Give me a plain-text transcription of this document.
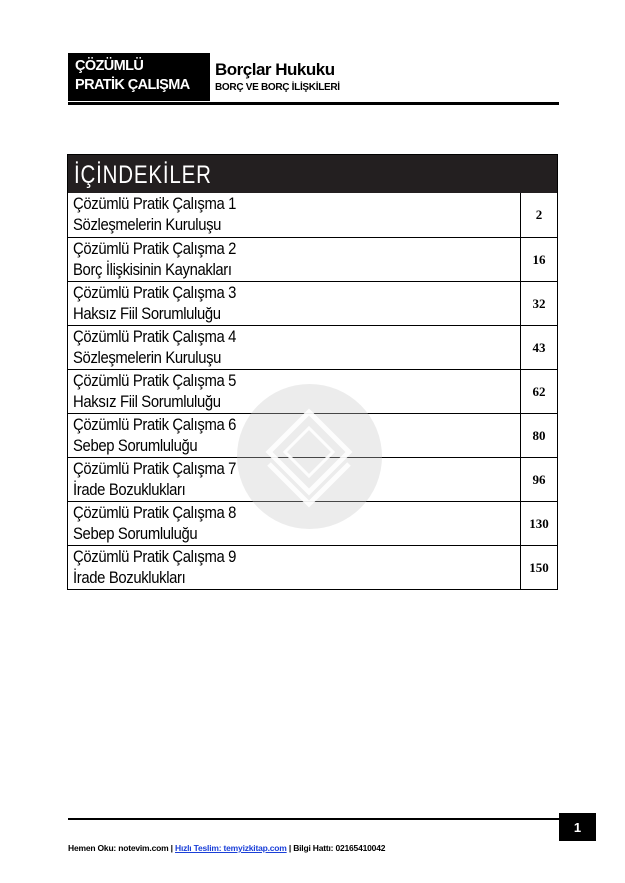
ÇÖZÜMLÜ
PRATİK ÇALIŞMA
Borçlar Hukuku
BORÇ VE BORÇ İLİŞKİLERİ
İÇİNDEKİLER
Çözümlü Pratik Çalışma 1
Sözleşmelerin Kuruluşu
2
Çözümlü Pratik Çalışma 2
Borç İlişkisinin Kaynakları
16
Çözümlü Pratik Çalışma 3
Haksız Fiil Sorumluluğu
32
Çözümlü Pratik Çalışma 4
Sözleşmelerin Kuruluşu
43
Çözümlü Pratik Çalışma 5
Haksız Fiil Sorumluluğu
62
Çözümlü Pratik Çalışma 6
Sebep Sorumluluğu
80
Çözümlü Pratik Çalışma 7
İrade Bozuklukları
96
Çözümlü Pratik Çalışma 8
Sebep Sorumluluğu
130
Çözümlü Pratik Çalışma 9
İrade Bozuklukları
150
1
Hemen Oku: notevim.com | Hızlı Teslim: temyizkitap.com | Bilgi Hattı: 02165410042
